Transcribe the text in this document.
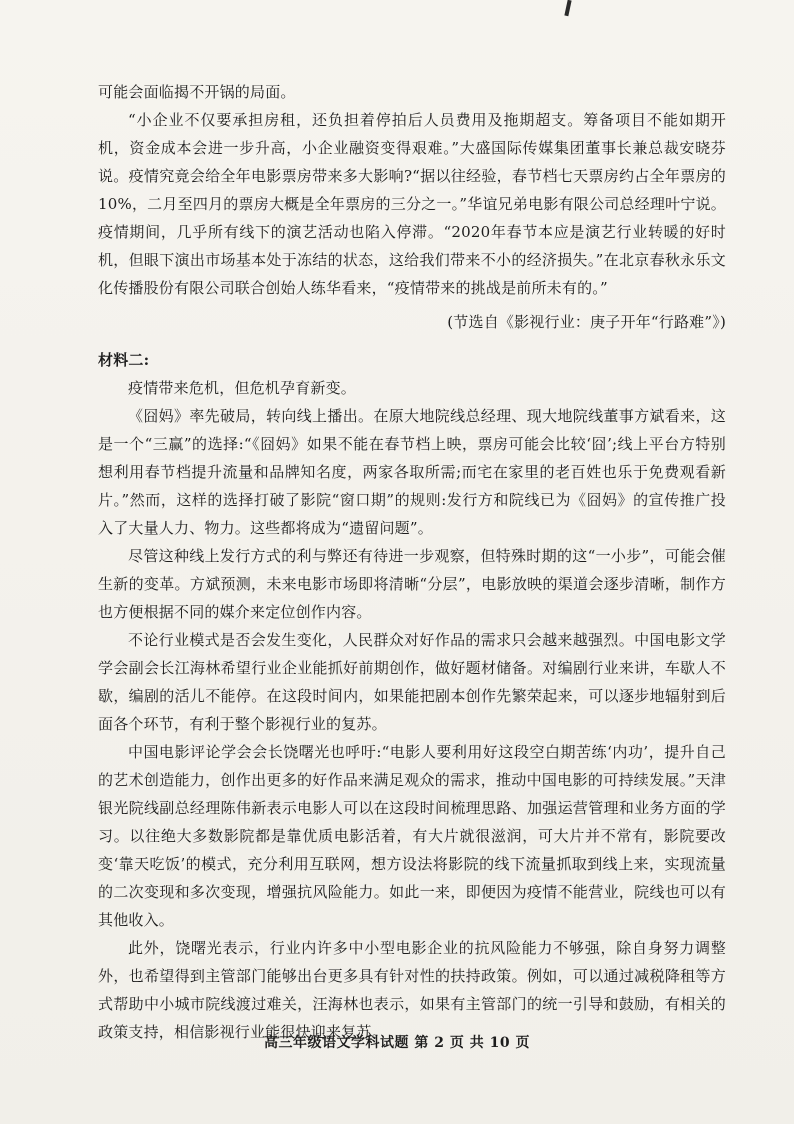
可能会面临揭不开锅的局面。

“小企业不仅要承担房租，还负担着停拍后人员费用及拖期超支。筹备项目不能如期开机，资金成本会进一步升高，小企业融资变得艰难。”大盛国际传媒集团董事长兼总裁安晓芬说。疫情究竟会给全年电影票房带来多大影响?“据以往经验，春节档七天票房约占全年票房的10%，二月至四月的票房大概是全年票房的三分之一。”华谊兄弟电影有限公司总经理叶宁说。疫情期间，几乎所有线下的演艺活动也陷入停滞。“2020年春节本应是演艺行业转暖的好时机，但眼下演出市场基本处于冻结的状态，这给我们带来不小的经济损失。”在北京春秋永乐文化传播股份有限公司联合创始人练华看来，“疫情带来的挑战是前所未有的。”

(节选自《影视行业：庚子开年“行路难”》)

材料二:

疫情带来危机，但危机孕育新变。

《囧妈》率先破局，转向线上播出。在原大地院线总经理、现大地院线董事方斌看来，这是一个“三赢”的选择:“《囧妈》如果不能在春节档上映，票房可能会比较‘囧’;线上平台方特别想利用春节档提升流量和品牌知名度，两家各取所需;而宅在家里的老百姓也乐于免费观看新片。”然而，这样的选择打破了影院“窗口期”的规则:发行方和院线已为《囧妈》的宣传推广投入了大量人力、物力。这些都将成为“遗留问题”。

尽管这种线上发行方式的利与弊还有待进一步观察，但特殊时期的这“一小步”，可能会催生新的变革。方斌预测，未来电影市场即将清晰“分层”，电影放映的渠道会逐步清晰，制作方也方便根据不同的媒介来定位创作内容。

不论行业模式是否会发生变化，人民群众对好作品的需求只会越来越强烈。中国电影文学学会副会长江海林希望行业企业能抓好前期创作，做好题材储备。对编剧行业来讲，车歇人不歇，编剧的活儿不能停。在这段时间内，如果能把剧本创作先繁荣起来，可以逐步地辐射到后面各个环节，有利于整个影视行业的复苏。

中国电影评论学会会长饶曙光也呼吁:“电影人要利用好这段空白期苦练‘内功’，提升自己的艺术创造能力，创作出更多的好作品来满足观众的需求，推动中国电影的可持续发展。”天津银光院线副总经理陈伟新表示电影人可以在这段时间梳理思路、加强运营管理和业务方面的学习。以往绝大多数影院都是靠优质电影活着，有大片就很滋润，可大片并不常有，影院要改变‘靠天吃饭’的模式，充分利用互联网，想方设法将影院的线下流量抓取到线上来，实现流量的二次变现和多次变现，增强抗风险能力。如此一来，即便因为疫情不能营业，院线也可以有其他收入。

此外，饶曙光表示，行业内许多中小型电影企业的抗风险能力不够强，除自身努力调整外，也希望得到主管部门能够出台更多具有针对性的扶持政策。例如，可以通过减税降租等方式帮助中小城市院线渡过难关，汪海林也表示，如果有主管部门的统一引导和鼓励，有相关的政策支持，相信影视行业能很快迎来复苏。

高三年级语文学科试题 第 2 页 共 10 页
